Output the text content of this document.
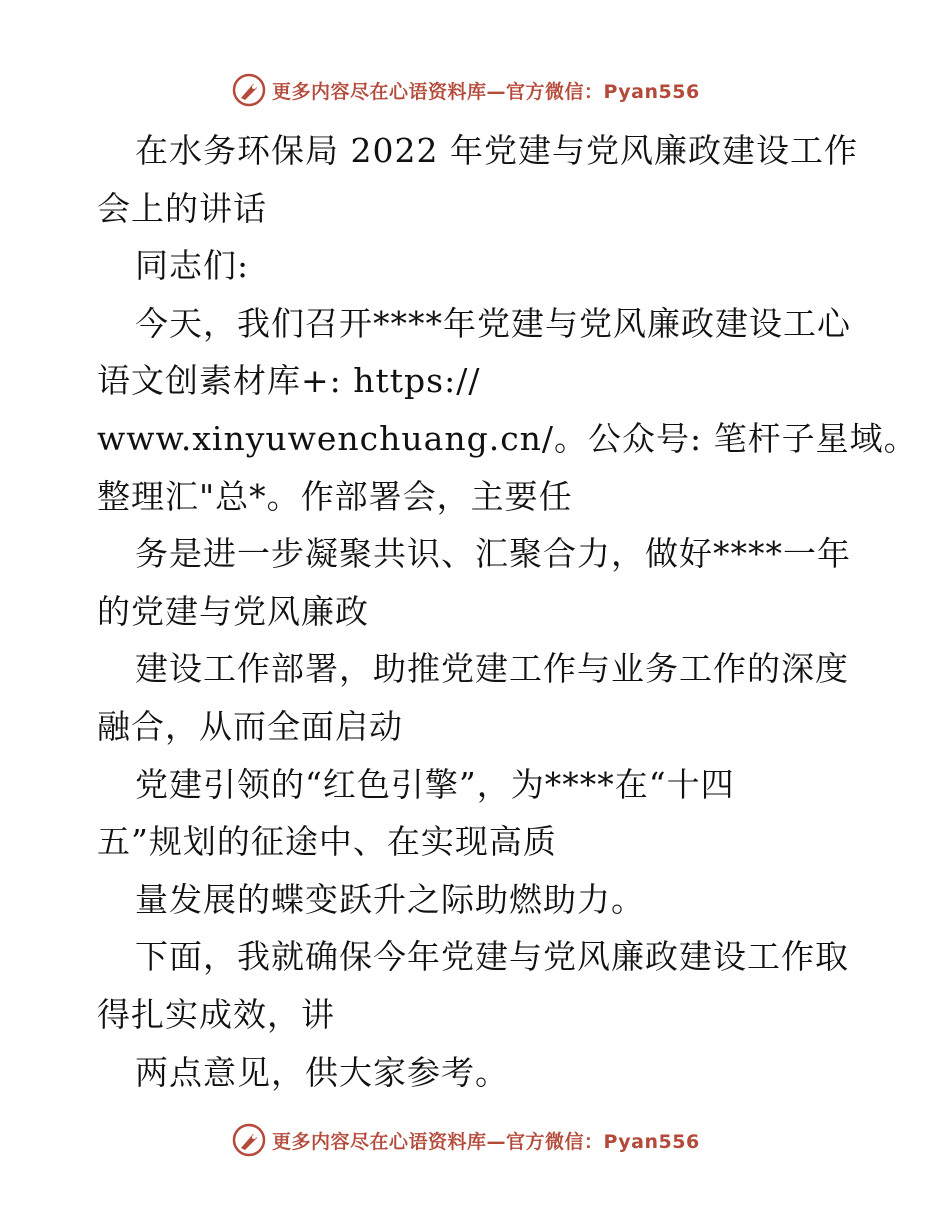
更多内容尽在心语资料库—官方微信：Pyan556
在水务环保局 2022 年党建与党风廉政建设工作
会上的讲话
同志们:
今天，我们召开****年党建与党风廉政建设工心
语文创素材库+: https://
www.xinyuwenchuang.cn/。公众号: 笔杆子星域。
整理汇"总*。作部署会，主要任
务是进一步凝聚共识、汇聚合力，做好****一年
的党建与党风廉政
建设工作部署，助推党建工作与业务工作的深度
融合，从而全面启动
党建引领的“红色引擎”，为****在“十四
五”规划的征途中、在实现高质
量发展的蝶变跃升之际助燃助力。
下面，我就确保今年党建与党风廉政建设工作取
得扎实成效，讲
两点意见，供大家参考。
更多内容尽在心语资料库—官方微信：Pyan556
